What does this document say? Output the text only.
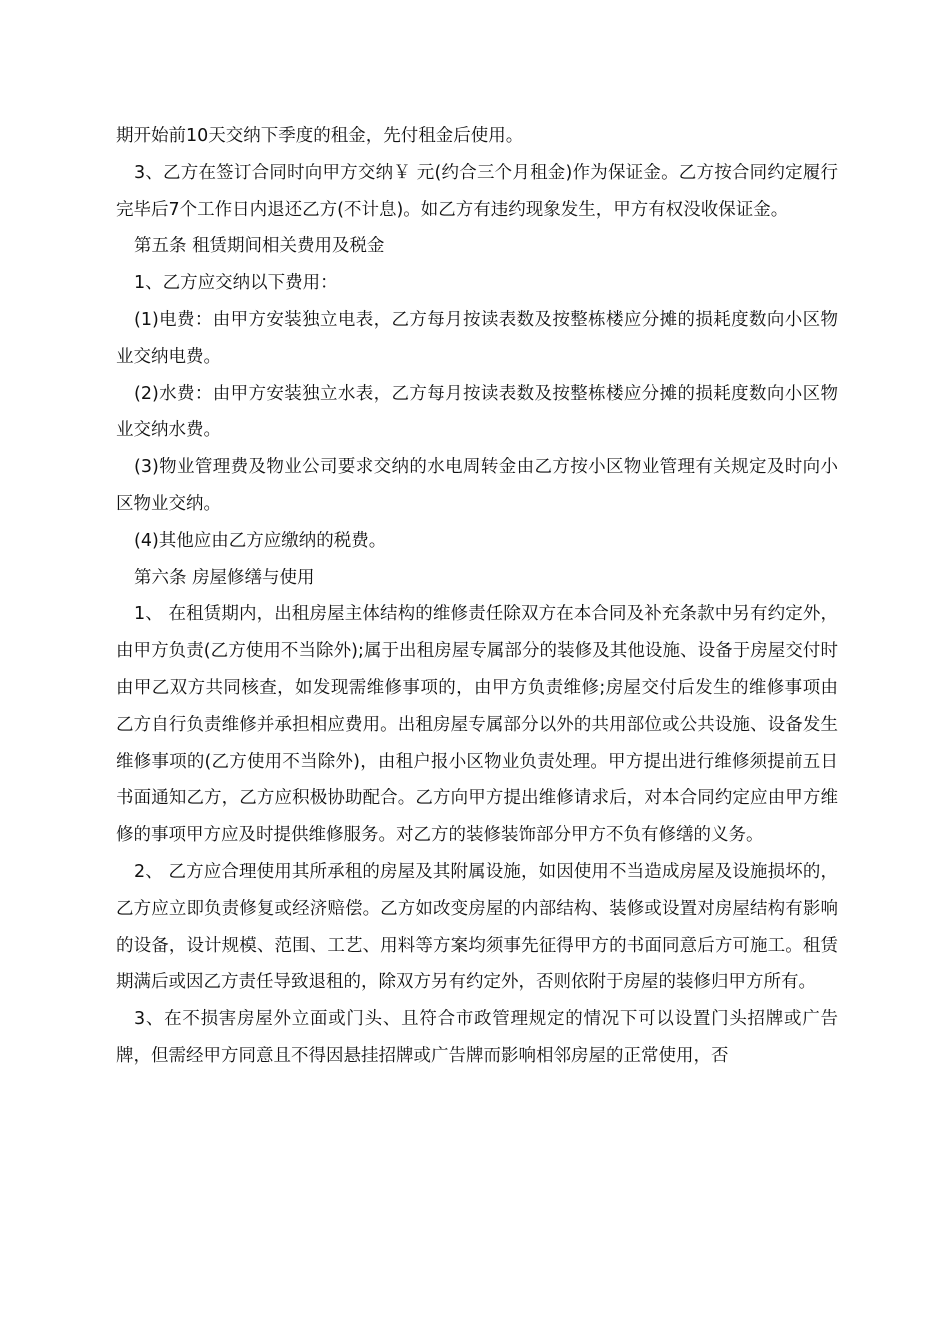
期开始前10天交纳下季度的租金，先付租金后使用。

3、乙方在签订合同时向甲方交纳￥ 元(约合三个月租金)作为保证金。乙方按合同约定履行完毕后7个工作日内退还乙方(不计息)。如乙方有违约现象发生，甲方有权没收保证金。

第五条 租赁期间相关费用及税金

1、乙方应交纳以下费用：

(1)电费：由甲方安装独立电表，乙方每月按读表数及按整栋楼应分摊的损耗度数向小区物业交纳电费。

(2)水费：由甲方安装独立水表，乙方每月按读表数及按整栋楼应分摊的损耗度数向小区物业交纳水费。

(3)物业管理费及物业公司要求交纳的水电周转金由乙方按小区物业管理有关规定及时向小区物业交纳。

(4)其他应由乙方应缴纳的税费。

第六条 房屋修缮与使用

1、 在租赁期内，出租房屋主体结构的维修责任除双方在本合同及补充条款中另有约定外，由甲方负责(乙方使用不当除外);属于出租房屋专属部分的装修及其他设施、设备于房屋交付时由甲乙双方共同核查，如发现需维修事项的，由甲方负责维修;房屋交付后发生的维修事项由乙方自行负责维修并承担相应费用。出租房屋专属部分以外的共用部位或公共设施、设备发生维修事项的(乙方使用不当除外)，由租户报小区物业负责处理。甲方提出进行维修须提前五日书面通知乙方，乙方应积极协助配合。乙方向甲方提出维修请求后，对本合同约定应由甲方维修的事项甲方应及时提供维修服务。对乙方的装修装饰部分甲方不负有修缮的义务。

2、 乙方应合理使用其所承租的房屋及其附属设施，如因使用不当造成房屋及设施损坏的，乙方应立即负责修复或经济赔偿。乙方如改变房屋的内部结构、装修或设置对房屋结构有影响的设备，设计规模、范围、工艺、用料等方案均须事先征得甲方的书面同意后方可施工。租赁期满后或因乙方责任导致退租的，除双方另有约定外，否则依附于房屋的装修归甲方所有。

3、在不损害房屋外立面或门头、且符合市政管理规定的情况下可以设置门头招牌或广告牌，但需经甲方同意且不得因悬挂招牌或广告牌而影响相邻房屋的正常使用，否
